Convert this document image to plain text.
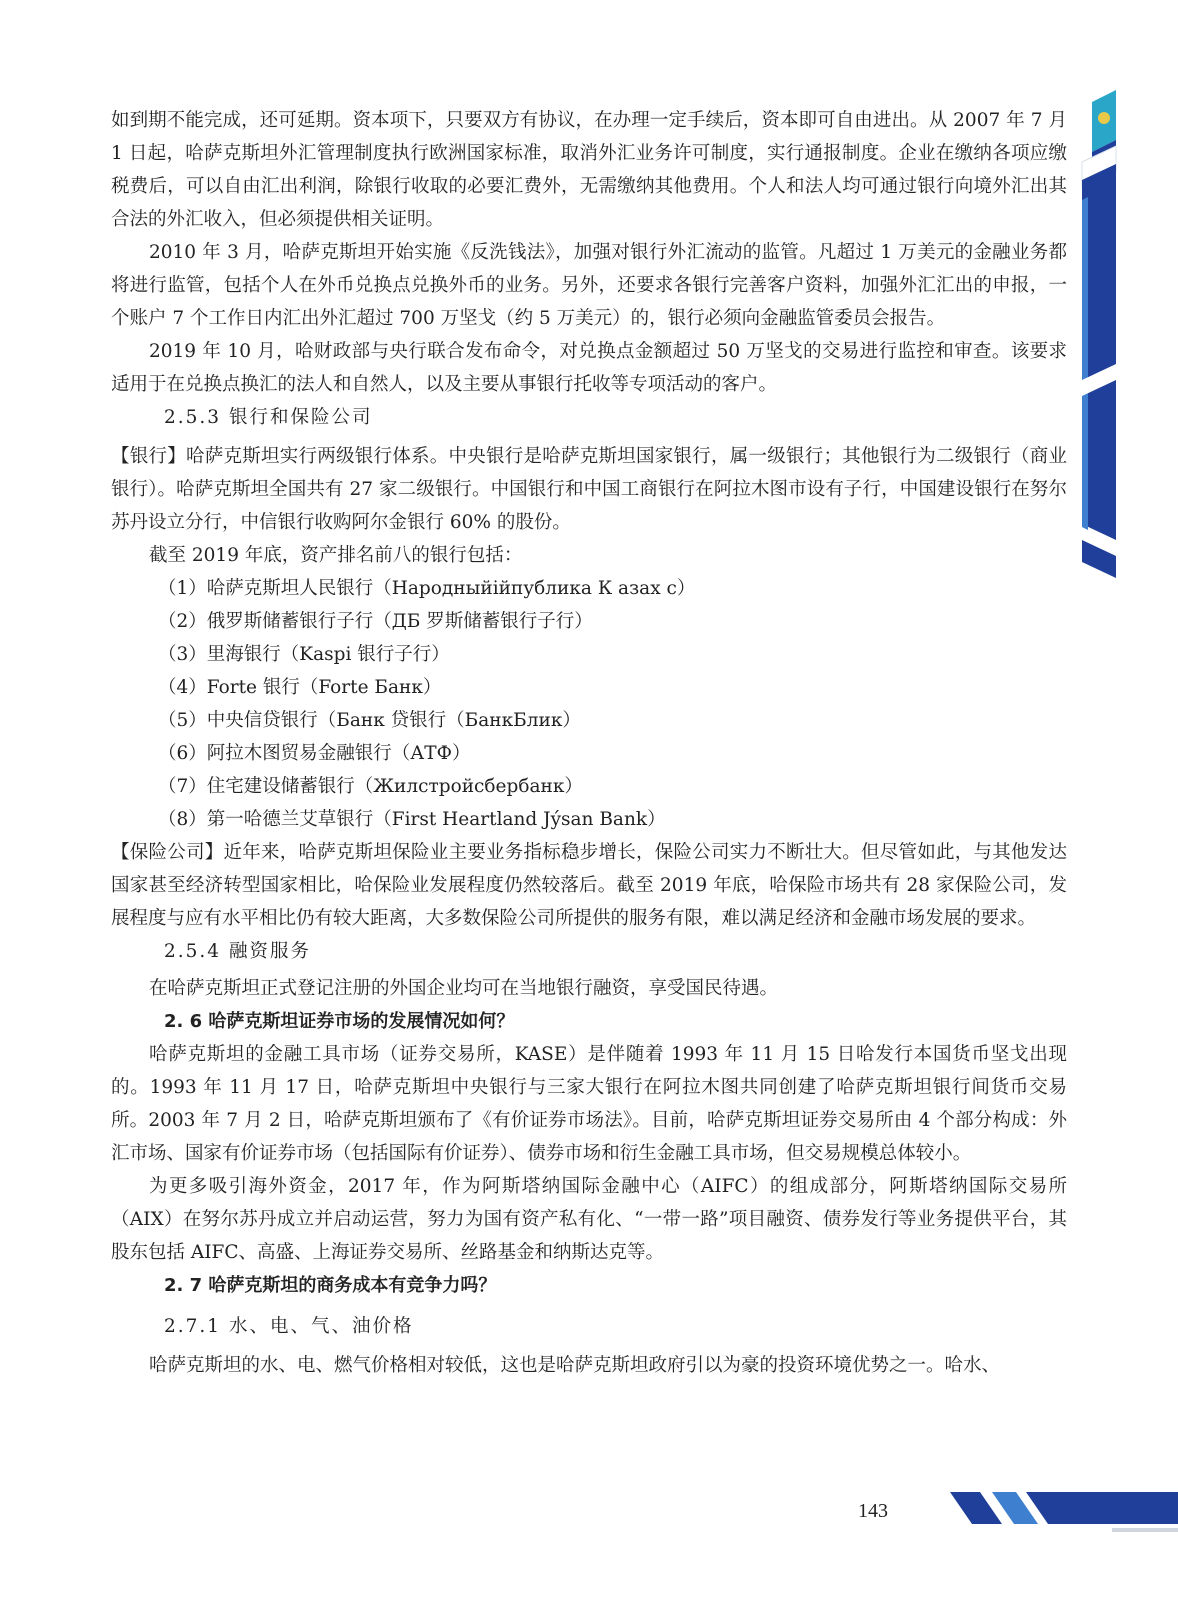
如到期不能完成，还可延期。资本项下，只要双方有协议，在办理一定手续后，资本即可自由进出。从 2007 年 7 月 1 日起，哈萨克斯坦外汇管理制度执行欧洲国家标准，取消外汇业务许可制度，实行通报制度。企业在缴纳各项应缴税费后，可以自由汇出利润，除银行收取的必要汇费外，无需缴纳其他费用。个人和法人均可通过银行向境外汇出其合法的外汇收入，但必须提供相关证明。

2010 年 3 月，哈萨克斯坦开始实施《反洗钱法》，加强对银行外汇流动的监管。凡超过 1 万美元的金融业务都将进行监管，包括个人在外币兑换点兑换外币的业务。另外，还要求各银行完善客户资料，加强外汇汇出的申报，一个账户 7 个工作日内汇出外汇超过 700 万坚戈（约 5 万美元）的，银行必须向金融监管委员会报告。

2019 年 10 月，哈财政部与央行联合发布命令，对兑换点金额超过 50 万坚戈的交易进行监控和审查。该要求适用于在兑换点换汇的法人和自然人，以及主要从事银行托收等专项活动的客户。

2.5.3 银行和保险公司

【银行】哈萨克斯坦实行两级银行体系。中央银行是哈萨克斯坦国家银行，属一级银行；其他银行为二级银行（商业银行）。哈萨克斯坦全国共有 27 家二级银行。中国银行和中国工商银行在阿拉木图市设有子行，中国建设银行在努尔苏丹设立分行，中信银行收购阿尔金银行 60% 的股份。

截至 2019 年底，资产排名前八的银行包括：

（1）哈萨克斯坦人民银行（Народныйійпублика К азах с）

（2）俄罗斯储蓄银行子行（ДБ 罗斯储蓄银行子行）

（3）里海银行（Kaspi 银行子行）

（4）Forte 银行（Forte Банк）

（5）中央信贷银行（Банк 贷银行（БанкБлик）

（6）阿拉木图贸易金融银行（АТФ）

（7）住宅建设储蓄银行（Жилстройсбербанк）

（8）第一哈德兰艾草银行（First Heartland Jýsan Bank）

【保险公司】近年来，哈萨克斯坦保险业主要业务指标稳步增长，保险公司实力不断壮大。但尽管如此，与其他发达国家甚至经济转型国家相比，哈保险业发展程度仍然较落后。截至 2019 年底，哈保险市场共有 28 家保险公司，发展程度与应有水平相比仍有较大距离，大多数保险公司所提供的服务有限，难以满足经济和金融市场发展的要求。

2.5.4 融资服务

在哈萨克斯坦正式登记注册的外国企业均可在当地银行融资，享受国民待遇。

2. 6 哈萨克斯坦证券市场的发展情况如何？

哈萨克斯坦的金融工具市场（证券交易所，KASE）是伴随着 1993 年 11 月 15 日哈发行本国货币坚戈出现的。1993 年 11 月 17 日，哈萨克斯坦中央银行与三家大银行在阿拉木图共同创建了哈萨克斯坦银行间货币交易所。2003 年 7 月 2 日，哈萨克斯坦颁布了《有价证券市场法》。目前，哈萨克斯坦证券交易所由 4 个部分构成：外汇市场、国家有价证券市场（包括国际有价证券）、债券市场和衍生金融工具市场，但交易规模总体较小。

为更多吸引海外资金，2017 年，作为阿斯塔纳国际金融中心（AIFC）的组成部分，阿斯塔纳国际交易所（AIX）在努尔苏丹成立并启动运营，努力为国有资产私有化、“一带一路”项目融资、债券发行等业务提供平台，其股东包括 AIFC、高盛、上海证券交易所、丝路基金和纳斯达克等。

2. 7 哈萨克斯坦的商务成本有竞争力吗？

2.7.1 水、电、气、油价格

哈萨克斯坦的水、电、燃气价格相对较低，这也是哈萨克斯坦政府引以为豪的投资环境优势之一。哈水、

143
